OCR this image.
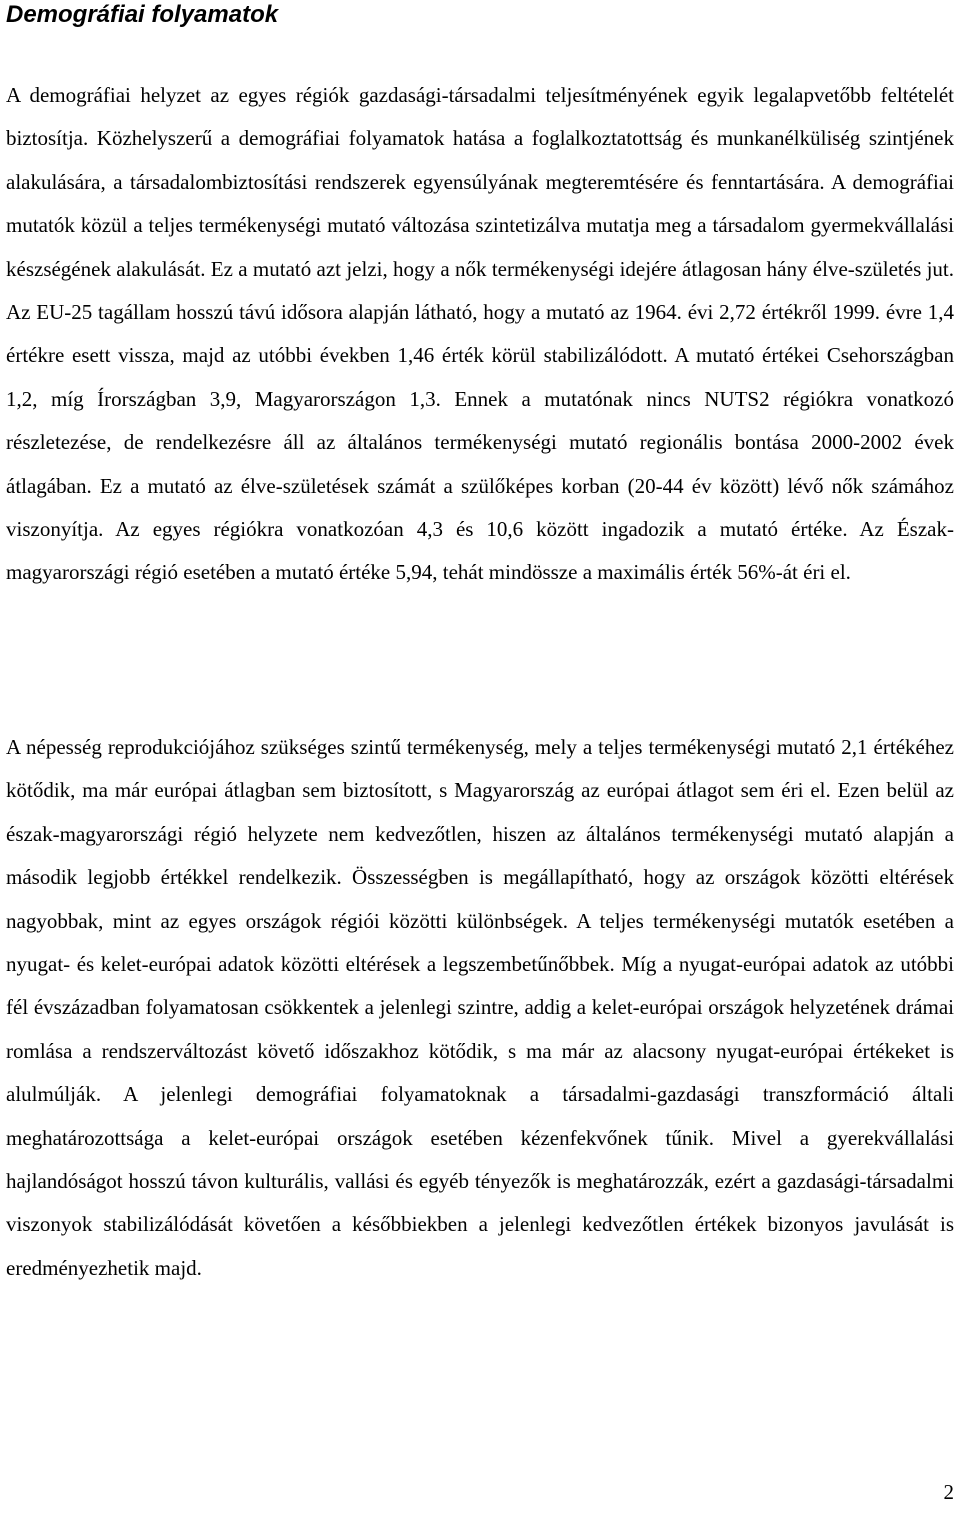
Demográfiai folyamatok

A demográfiai helyzet az egyes régiók gazdasági-társadalmi teljesítményének egyik legalapvetőbb feltételét biztosítja. Közhelyszerű a demográfiai folyamatok hatása a foglalkoztatottság és munkanélküliség szintjének alakulására, a társadalombiztosítási rendszerek egyensúlyának megteremtésére és fenntartására. A demográfiai mutatók közül a teljes termékenységi mutató változása szintetizálva mutatja meg a társadalom gyermekvállalási készségének alakulását. Ez a mutató azt jelzi, hogy a nők termékenységi idejére átlagosan hány élve-születés jut. Az EU-25 tagállam hosszú távú idősora alapján látható, hogy a mutató az 1964. évi 2,72 értékről 1999. évre 1,4 értékre esett vissza, majd az utóbbi években 1,46 érték körül stabilizálódott. A mutató értékei Csehországban 1,2, míg Írországban 3,9, Magyarországon 1,3. Ennek a mutatónak nincs NUTS2 régiókra vonatkozó részletezése, de rendelkezésre áll az általános termékenységi mutató regionális bontása 2000-2002 évek átlagában. Ez a mutató az élve-születések számát a szülőképes korban (20-44 év között) lévő nők számához viszonyítja. Az egyes régiókra vonatkozóan 4,3 és 10,6 között ingadozik a mutató értéke. Az Észak-magyarországi régió esetében a mutató értéke 5,94, tehát mindössze a maximális érték 56%-át éri el.

A népesség reprodukciójához szükséges szintű termékenység, mely a teljes termékenységi mutató 2,1 értékéhez kötődik, ma már európai átlagban sem biztosított, s Magyarország az európai átlagot sem éri el. Ezen belül az észak-magyarországi régió helyzete nem kedvezőtlen, hiszen az általános termékenységi mutató alapján a második legjobb értékkel rendelkezik. Összességben is megállapítható, hogy az országok közötti eltérések nagyobbak, mint az egyes országok régiói közötti különbségek. A teljes termékenységi mutatók esetében a nyugat- és kelet-európai adatok közötti eltérések a legszembetűnőbbek. Míg a nyugat-európai adatok az utóbbi fél évszázadban folyamatosan csökkentek a jelenlegi szintre, addig a kelet-európai országok helyzetének drámai romlása a rendszerváltozást követő időszakhoz kötődik, s ma már az alacsony nyugat-európai értékeket is alulmúlják. A jelenlegi demográfiai folyamatoknak a társadalmi-gazdasági transzformáció általi meghatározottsága a kelet-európai országok esetében kézenfekvőnek tűnik. Mivel a gyerekvállalási hajlandóságot hosszú távon kulturális, vallási és egyéb tényezők is meghatározzák, ezért a gazdasági-társadalmi viszonyok stabilizálódását követően a későbbiekben a jelenlegi kedvezőtlen értékek bizonyos javulását is eredményezhetik majd.

2
